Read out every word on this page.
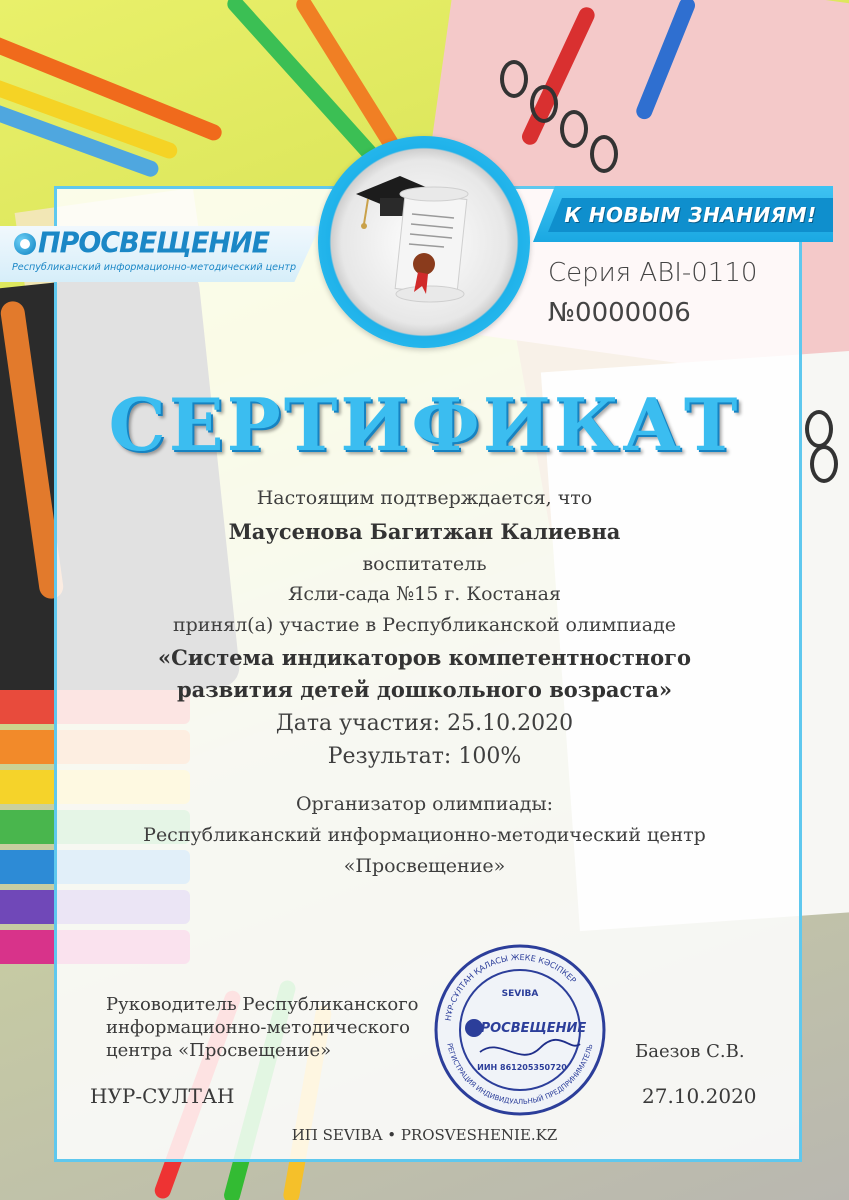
К НОВЫМ ЗНАНИЯМ!
ПРОСВЕЩЕНИЕ
Республиканский информационно-методический центр	Серия ABI-0110
№0000006
СЕРТИФИКАТ
Настоящим подтверждается, что
Маусенова Багитжан Калиевна
воспитатель
Ясли-сада №15 г. Костаная
принял(а) участие в Республиканской олимпиаде
«Система индикаторов компетентностного
развития детей дошкольного возраста»
Дата участия: 25.10.2020
Результат: 100%
Организатор олимпиады:
Республиканский информационно-методический центр
«Просвещение»
Руководитель Республиканского
информационно-методического
центра «Просвещение»	Баезов С.В.
НҰР-СҰЛТАН ҚАЛАСЫ ЖЕКЕ КӘСІПКЕР
РЕГИСТРАЦИЯ ИНДИВИДУАЛЬНЫЙ ПРЕДПРИНИМАТЕЛЬ
SEVIBA
ПРОСВЕЩЕНИЕ
ИИН 861205350720
НУР-СУЛТАН	27.10.2020
ИП SEVIBA • PROSVESHENIE.KZ
